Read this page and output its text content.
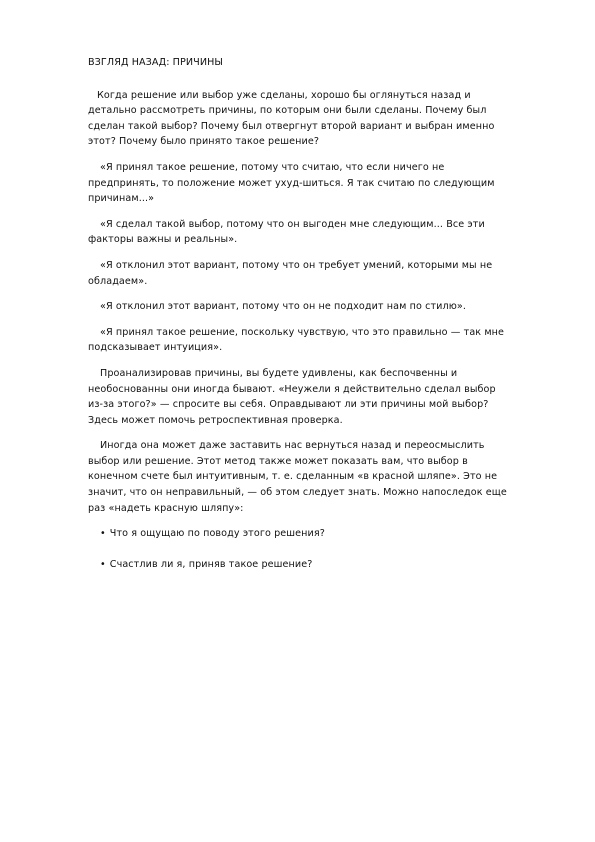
ВЗГЛЯД НАЗАД: ПРИЧИНЫ

Когда решение или выбор уже сделаны, хорошо бы оглянуться назад и детально рассмотреть причины, по которым они были сделаны. Почему был сделан такой выбор? Почему был отвергнут второй вариант и выбран именно этот? Почему было принято такое решение?

«Я принял такое решение, потому что считаю, что если ничего не предпринять, то положение может ухуд-шиться. Я так считаю по следующим причинам...»

«Я сделал такой выбор, потому что он выгоден мне следующим... Все эти факторы важны и реальны».

«Я отклонил этот вариант, потому что он требует умений, которыми мы не обладаем».

«Я отклонил этот вариант, потому что он не подходит нам по стилю».

«Я принял такое решение, поскольку чувствую, что это правильно — так мне подсказывает интуиция».

Проанализировав причины, вы будете удивлены, как беспочвенны и необоснованны они иногда бывают. «Неужели я действительно сделал выбор из-за этого?» — спросите вы себя. Оправдывают ли эти причины мой выбор? Здесь может помочь ретроспективная проверка.

Иногда она может даже заставить нас вернуться назад и переосмыслить выбор или решение. Этот метод также может показать вам, что выбор в конечном счете был интуитивным, т. е. сделанным «в красной шляпе». Это не значит, что он неправильный, — об этом следует знать. Можно напоследок еще раз «надеть красную шляпу»:

• Что я ощущаю по поводу этого решения?
• Счастлив ли я, приняв такое решение?
